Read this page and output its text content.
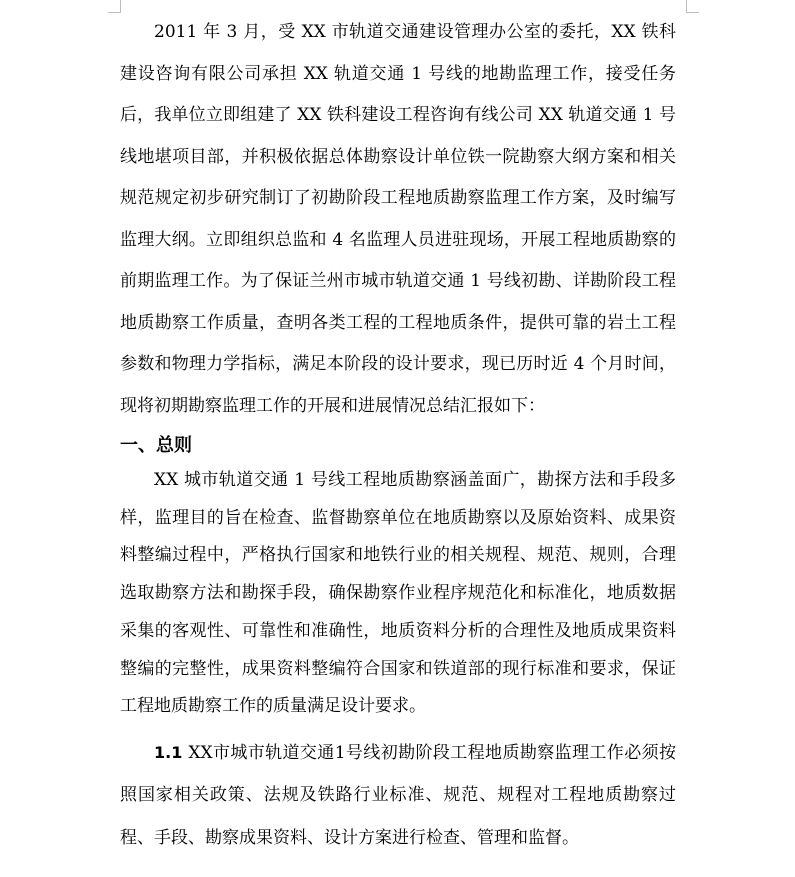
2011 年 3 月，受 XX 市轨道交通建设管理办公室的委托，XX 铁科建设咨询有限公司承担 XX 轨道交通 1 号线的地勘监理工作，接受任务后，我单位立即组建了 XX 铁科建设工程咨询有线公司 XX 轨道交通 1 号线地堪项目部，并积极依据总体勘察设计单位铁一院勘察大纲方案和相关规范规定初步研究制订了初勘阶段工程地质勘察监理工作方案，及时编写监理大纲。立即组织总监和 4 名监理人员进驻现场，开展工程地质勘察的前期监理工作。为了保证兰州市城市轨道交通 1 号线初勘、详勘阶段工程地质勘察工作质量，查明各类工程的工程地质条件，提供可靠的岩土工程参数和物理力学指标，满足本阶段的设计要求，现已历时近 4 个月时间，现将初期勘察监理工作的开展和进展情况总结汇报如下：

一、总则

XX 城市轨道交通 1 号线工程地质勘察涵盖面广，勘探方法和手段多样，监理目的旨在检查、监督勘察单位在地质勘察以及原始资料、成果资料整编过程中，严格执行国家和地铁行业的相关规程、规范、规则，合理选取勘察方法和勘探手段，确保勘察作业程序规范化和标准化，地质数据采集的客观性、可靠性和准确性，地质资料分析的合理性及地质成果资料整编的完整性，成果资料整编符合国家和铁道部的现行标准和要求，保证工程地质勘察工作的质量满足设计要求。

1.1 XX市城市轨道交通1号线初勘阶段工程地质勘察监理工作必须按照国家相关政策、法规及铁路行业标准、规范、规程对工程地质勘察过程、手段、勘察成果资料、设计方案进行检查、管理和监督。
